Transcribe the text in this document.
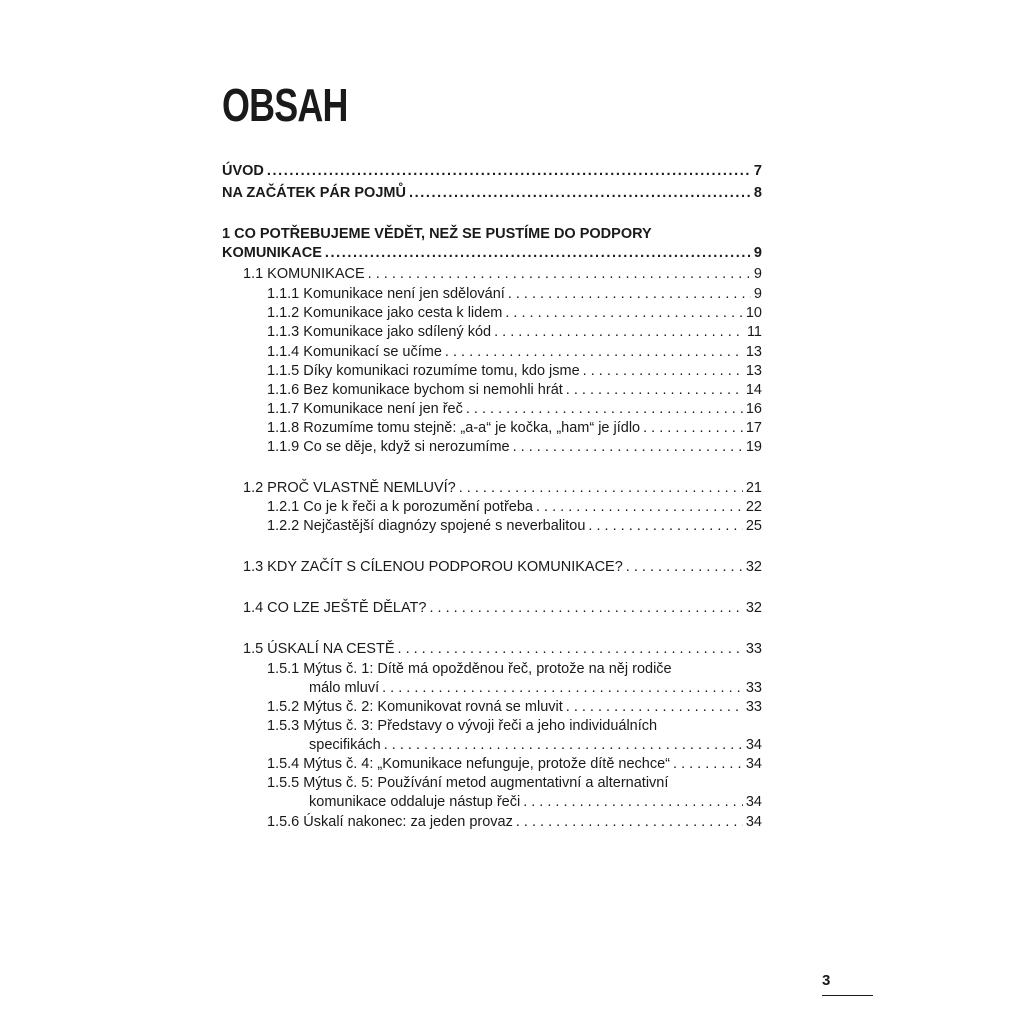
OBSAH
ÚVOD .....	7
NA ZAČÁTEK PÁR POJMŮ .....	8
1 CO POTŘEBUJEME VĚDĚT, NEŽ SE PUSTÍME DO PODPORY
KOMUNIKACE .....	9
1.1 KOMUNIKACE . . .	9
1.1.1 Komunikace není jen sdělování . . .	9
1.1.2 Komunikace jako cesta k lidem . . .	10
1.1.3 Komunikace jako sdílený kód . . .	11
1.1.4 Komunikací se učíme . . .	13
1.1.5 Díky komunikaci rozumíme tomu, kdo jsme . . .	13
1.1.6 Bez komunikace bychom si nemohli hrát . . .	14
1.1.7 Komunikace není jen řeč . . .	16
1.1.8 Rozumíme tomu stejně: „a-a“ je kočka, „ham“ je jídlo . . .	17
1.1.9 Co se děje, když si nerozumíme . . .	19
1.2 PROČ VLASTNĚ NEMLUVÍ? . . .	21
1.2.1 Co je k řeči a k porozumění potřeba . . .	22
1.2.2 Nejčastější diagnózy spojené s neverbalitou . . .	25
1.3 KDY ZAČÍT S CÍLENOU PODPOROU KOMUNIKACE? . . .	32
1.4 CO LZE JEŠTĚ DĚLAT? . . .	32
1.5 ÚSKALÍ NA CESTĚ . . .	33
1.5.1 Mýtus č. 1: Dítě má opožděnou řeč, protože na něj rodiče
málo mluví . . .	33
1.5.2 Mýtus č. 2: Komunikovat rovná se mluvit . . .	33
1.5.3 Mýtus č. 3: Představy o vývoji řeči a jeho individuálních
specifikách . . .	34
1.5.4 Mýtus č. 4: „Komunikace nefunguje, protože dítě nechce“ . . .	34
1.5.5 Mýtus č. 5: Používání metod augmentativní a alternativní
komunikace oddaluje nástup řeči . . .	34
1.5.6 Úskalí nakonec: za jeden provaz . . .	34
3
